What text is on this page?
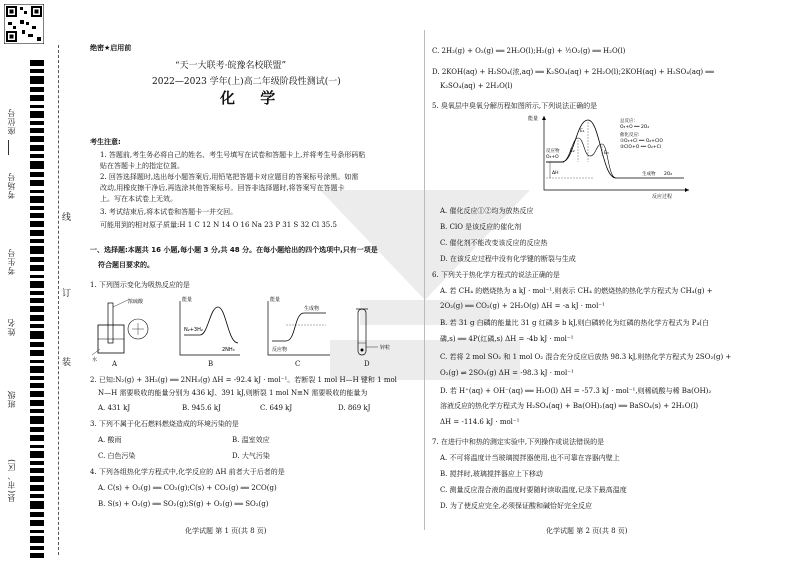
座位号
考场号
考生号
姓名
班级
县(市、区)
线
订
装
绝密★启用前
“天一大联考·皖豫名校联盟”
2022—2023 学年(上)高二年级阶段性测试(一)
化 学
考生注意:
1. 答题前,考生务必将自己的姓名、考生号填写在试卷和答题卡上,并将考生号条形码粘
贴在答题卡上的指定位置。
2. 回答选择题时,选出每小题答案后,用铅笔把答题卡对应题目的答案标号涂黑。如需
改动,用橡皮擦干净后,再选涂其他答案标号。回答非选择题时,将答案写在答题卡
上。写在本试卷上无效。
3. 考试结束后,将本试卷和答题卡一并交回。
可能用到的相对原子质量:H 1 C 12 N 14 O 16 Na 23 P 31 S 32 Cl 35.5
一、选择题:本题共 16 小题,每小题 3 分,共 48 分。在每小题给出的四个选项中,只有一项是
符合题目要求的。
1. 下列图示变化为吸热反应的是
浓硫酸
水
能量
N₂+3H₂
2NH₃
能量
生成物
反应物	锌粒
A	B	C	D
2. 已知:N₂(g) + 3H₂(g) ══ 2NH₃(g) ΔH = -92.4 kJ · mol⁻¹。若断裂 1 mol H—H 键和 1 mol
N—H 需要吸收的能量分别为 436 kJ、391 kJ,则断裂 1 mol N≡N 需要吸收的能量为
A. 431 kJ	B. 945.6 kJ	C. 649 kJ	D. 869 kJ
3. 下列不属于化石燃料燃烧造成的环境污染的是
A. 酸雨	B. 温室效应
C. 白色污染	D. 大气污染
4. 下列各组热化学方程式中,化学反应的 ΔH 前者大于后者的是
A. C(s) + O₂(g) ══ CO₂(g);C(s) + CO₂(g) ══ 2CO(g)
B. S(s) + O₂(g) ══ SO₂(g);S(g) + O₂(g) ══ SO₂(g)
化学试题 第 1 页(共 8 页)
C. 2H₂(g) + O₂(g) ══ 2H₂O(l);H₂(g) + ½O₂(g) ══ H₂O(l)
D. 2KOH(aq) + H₂SO₄(浓,aq) ══ K₂SO₄(aq) + 2H₂O(l);2KOH(aq) + H₂SO₄(aq) ══
K₂SO₄(aq) + 2H₂O(l)
5. 臭氧层中臭氧分解历程如图所示,下列说法正确的是
能量
反应过程
总反应:
O₃+O ══ 2O₂
催化反应:
①O₃+Cl ══ O₂+ClO
②ClO+O ══ O₂+Cl
反应物
O₃+O
E₁
E₂	E₃
ΔH	生成物 2O₂
A. 催化反应①②均为放热反应
B. ClO 是该反应的催化剂
C. 催化剂不能改变该反应的反应热
D. 在该反应过程中没有化学键的断裂与生成
6. 下列关于热化学方程式的说法正确的是
A. 若 CH₄ 的燃烧热为 a kJ · mol⁻¹,则表示 CH₄ 的燃烧热的热化学方程式为 CH₄(g) +
2O₂(g) ══ CO₂(g) + 2H₂O(g) ΔH = -a kJ · mol⁻¹
B. 若 31 g 白磷的能量比 31 g 红磷多 b kJ,则白磷转化为红磷的热化学方程式为 P₄(白
磷,s) ══ 4P(红磷,s) ΔH = -4b kJ · mol⁻¹
C. 若将 2 mol SO₂ 和 1 mol O₂ 混合充分反应后放热 98.3 kJ,则热化学方程式为 2SO₂(g) +
O₂(g) ⇌ 2SO₃(g) ΔH = -98.3 kJ · mol⁻¹
D. 若 H⁺(aq) + OH⁻(aq) ══ H₂O(l) ΔH = -57.3 kJ · mol⁻¹,则稀硫酸与稀 Ba(OH)₂
溶液反应的热化学方程式为 H₂SO₄(aq) + Ba(OH)₂(aq) ══ BaSO₄(s) + 2H₂O(l)
ΔH = -114.6 kJ · mol⁻¹
7. 在进行中和热的测定实验中,下列操作或说法错误的是
A. 不可将温度计当玻璃搅拌器使用,也不可靠在容器内壁上
B. 搅拌时,玻璃搅拌器应上下移动
C. 测量反应混合液的温度时要随时读取温度,记录下最高温度
D. 为了使反应完全,必须保证酸和碱恰好完全反应
化学试题 第 2 页(共 8 页)
